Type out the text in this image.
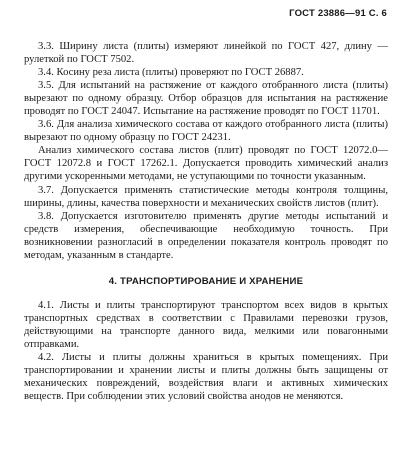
ГОСТ 23886—91 С. 6

3.3. Ширину листа (плиты) измеряют линейкой по ГОСТ 427, длину — рулеткой по ГОСТ 7502.

3.4. Косину реза листа (плиты) проверяют по ГОСТ 26887.

3.5. Для испытаний на растяжение от каждого отобранного листа (плиты) вырезают по одному образцу. Отбор образцов для испытания на растяжение проводят по ГОСТ 24047. Испытание на растяжение проводят по ГОСТ 11701.

3.6. Для анализа химического состава от каждого отобранного листа (плиты) вырезают по одному образцу по ГОСТ 24231.

Анализ химического состава листов (плит) проводят по ГОСТ 12072.0—ГОСТ 12072.8 и ГОСТ 17262.1. Допускается проводить химический анализ другими ускоренными методами, не уступающими по точности указанным.

3.7. Допускается применять статистические методы контроля толщины, ширины, длины, качества поверхности и механических свойств листов (плит).

3.8. Допускается изготовителю применять другие методы испытаний и средств измерения, обеспечивающие необходимую точность. При возникновении разногласий в определении показателя контроль проводят по методам, указанным в стандарте.

4. ТРАНСПОРТИРОВАНИЕ И ХРАНЕНИЕ

4.1. Листы и плиты транспортируют транспортом всех видов в крытых транспортных средствах в соответствии с Правилами перевозки грузов, действующими на транспорте данного вида, мелкими или повагонными отправками.

4.2. Листы и плиты должны храниться в крытых помещениях. При транспортировании и хранении листы и плиты должны быть защищены от механических повреждений, воздействия влаги и активных химических веществ. При соблюдении этих условий свойства анодов не меняются.
